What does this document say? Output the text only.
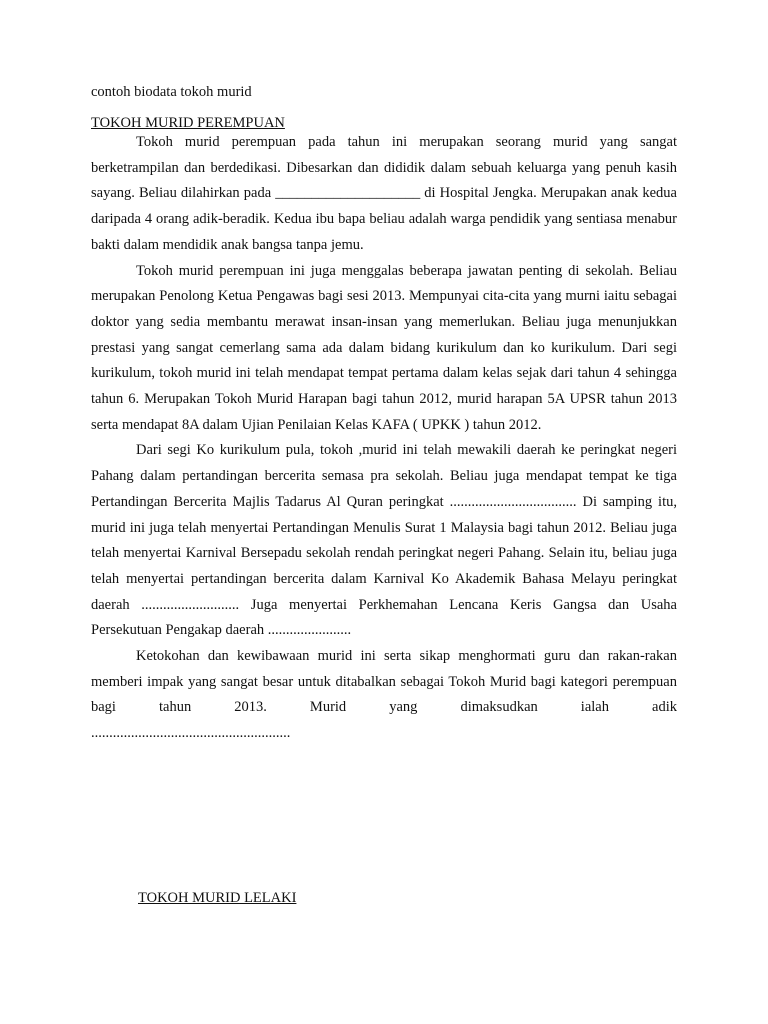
contoh biodata tokoh murid
TOKOH MURID PEREMPUAN

Tokoh murid perempuan pada tahun ini merupakan seorang murid yang sangat berketrampilan dan berdedikasi. Dibesarkan dan dididik dalam sebuah keluarga yang penuh kasih sayang. Beliau dilahirkan pada ____________________ di Hospital Jengka. Merupakan anak kedua daripada 4 orang adik-beradik. Kedua ibu bapa beliau adalah warga pendidik yang sentiasa menabur bakti dalam mendidik anak bangsa tanpa jemu.

Tokoh murid perempuan ini juga menggalas beberapa jawatan penting di sekolah. Beliau merupakan Penolong Ketua Pengawas bagi sesi 2013. Mempunyai cita-cita yang murni iaitu sebagai doktor yang sedia membantu merawat insan-insan yang memerlukan. Beliau juga menunjukkan prestasi yang sangat cemerlang sama ada dalam bidang kurikulum dan ko kurikulum. Dari segi kurikulum, tokoh murid ini telah mendapat tempat pertama dalam kelas sejak dari tahun 4 sehingga tahun 6. Merupakan Tokoh Murid Harapan bagi tahun 2012, murid harapan 5A UPSR tahun 2013 serta mendapat 8A dalam Ujian Penilaian Kelas KAFA ( UPKK ) tahun 2012.

Dari segi Ko kurikulum pula, tokoh ,murid ini telah mewakili daerah ke peringkat negeri Pahang dalam pertandingan bercerita semasa pra sekolah. Beliau juga mendapat tempat ke tiga Pertandingan Bercerita Majlis Tadarus Al Quran peringkat ................................... Di samping itu, murid ini juga telah menyertai Pertandingan Menulis Surat 1 Malaysia bagi tahun 2012. Beliau juga telah menyertai Karnival Bersepadu sekolah rendah peringkat negeri Pahang. Selain itu, beliau juga telah menyertai pertandingan bercerita dalam Karnival Ko Akademik Bahasa Melayu peringkat daerah ........................... Juga menyertai Perkhemahan Lencana Keris Gangsa dan Usaha Persekutuan Pengakap daerah .......................

Ketokohan dan kewibawaan murid ini serta sikap menghormati guru dan rakan-rakan memberi impak yang sangat besar untuk ditabalkan sebagai Tokoh Murid bagi kategori perempuan bagi tahun 2013. Murid yang dimaksudkan ialah adik
.......................................................

TOKOH MURID LELAKI
